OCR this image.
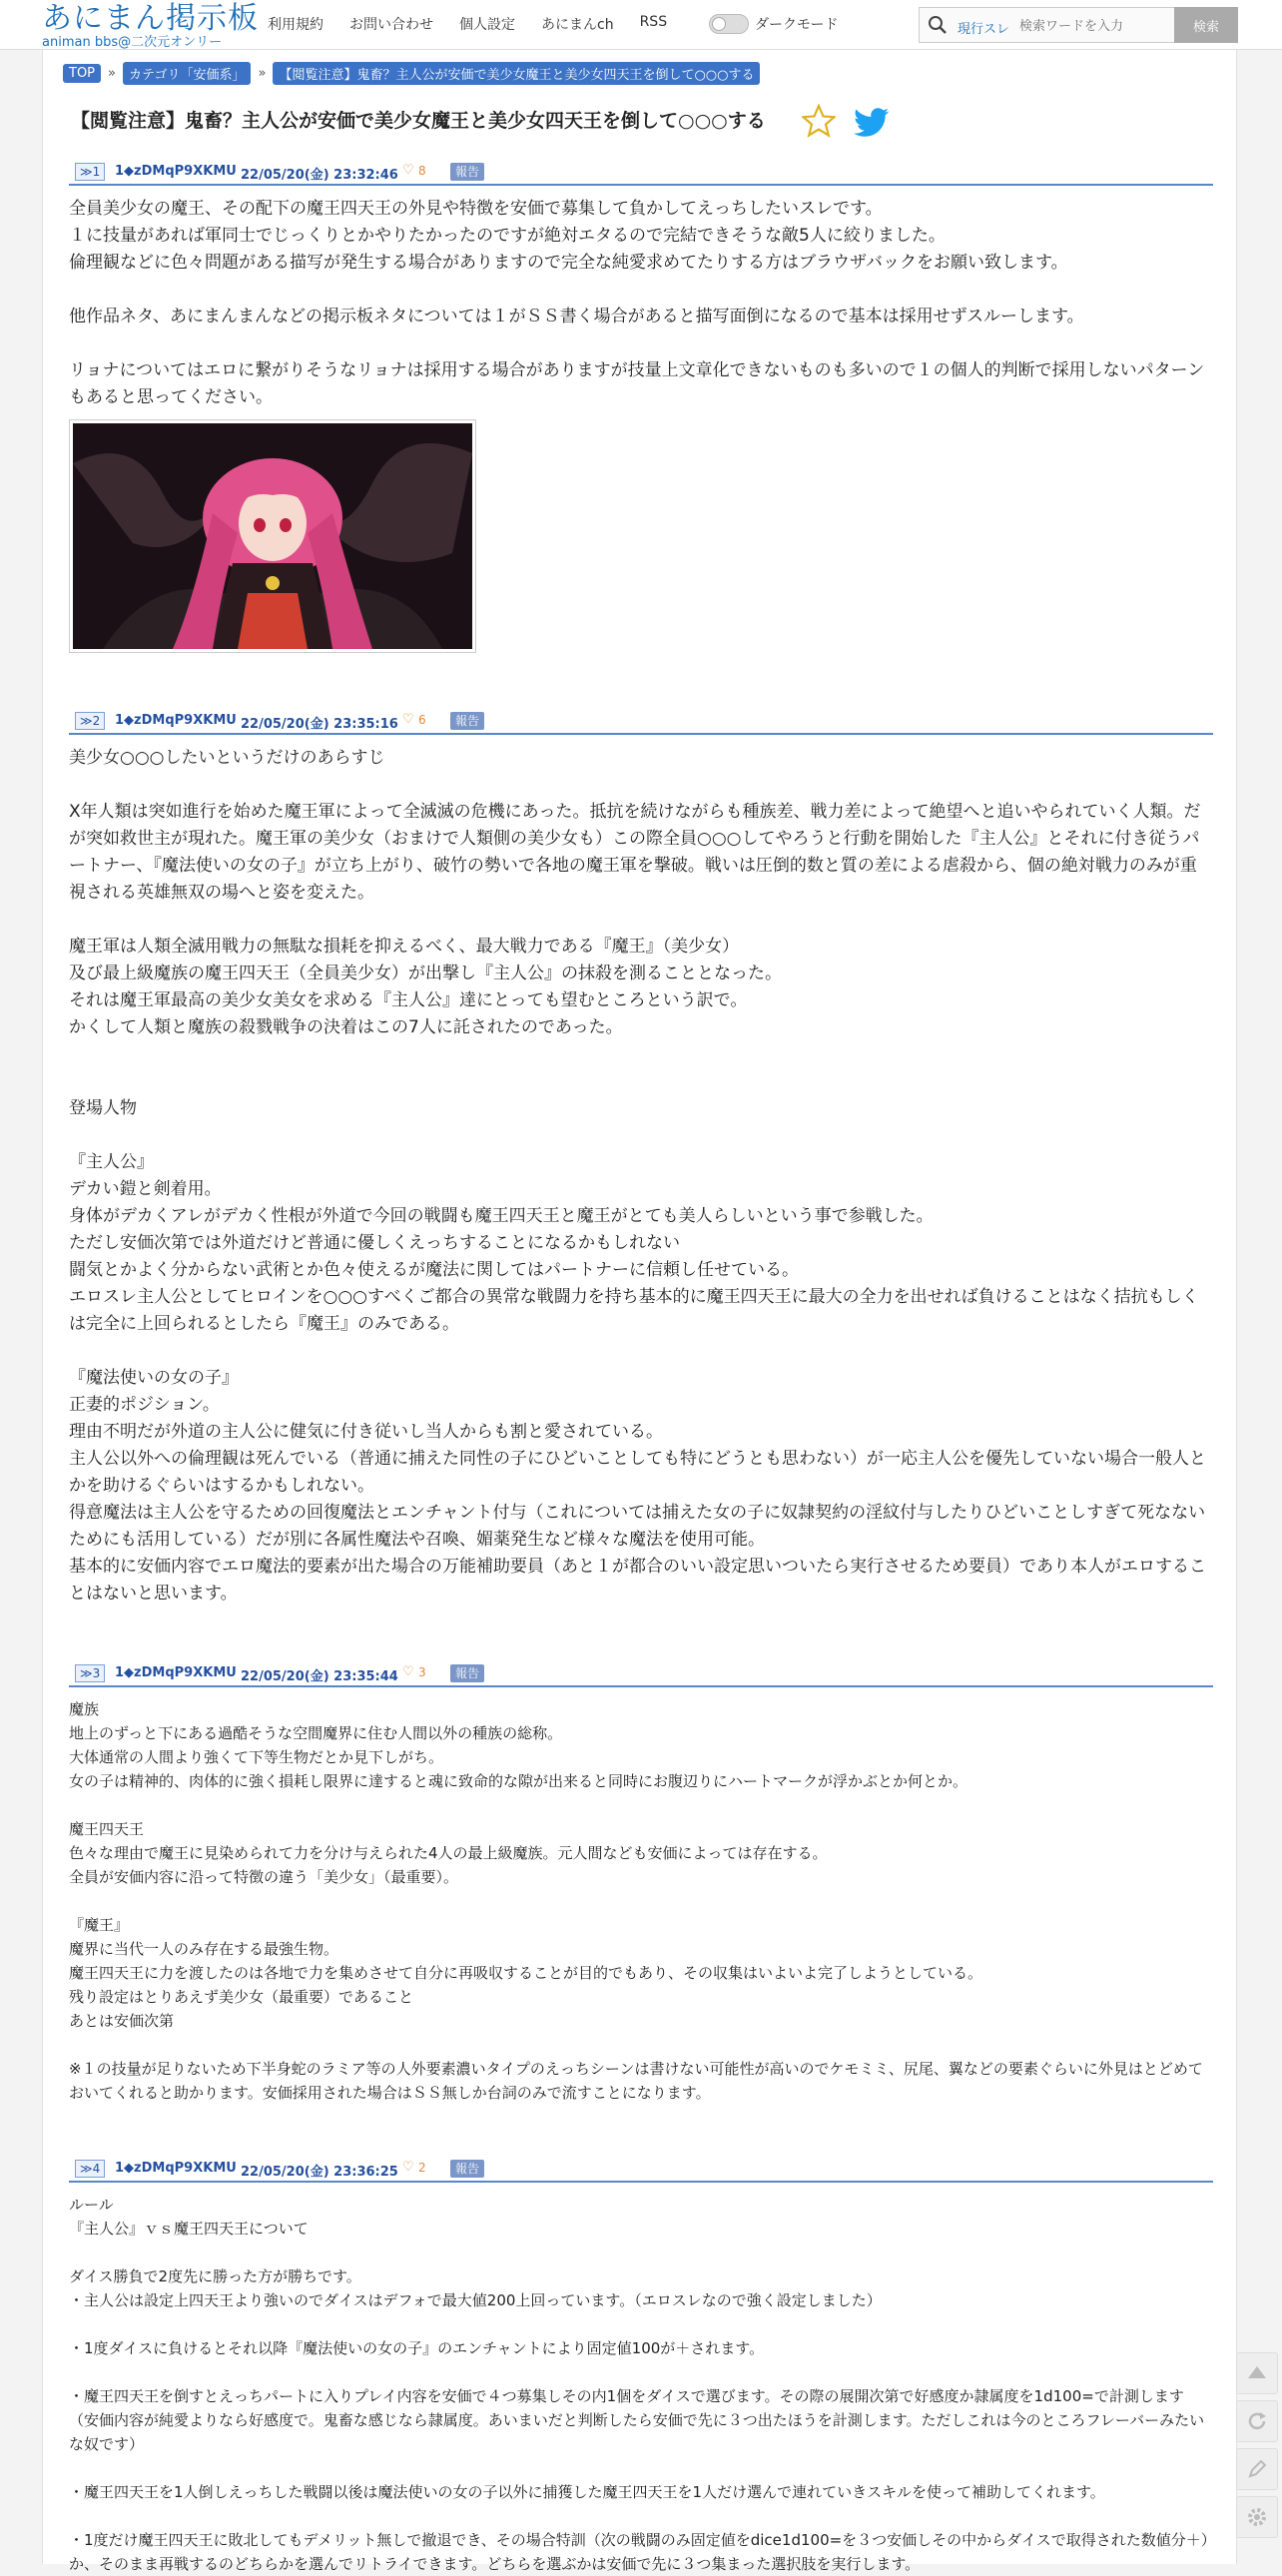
あにまん掲示板
animan bbs@二次元オンリー
利用規約 お問い合わせ 個人設定 あにまんch RSS	ダークモード	現行スレ
検索ワードを入力	検索
TOP	»	カテゴリ「安価系」	»	【閲覧注意】鬼畜？主人公が安価で美少女魔王と美少女四天王を倒して○○○する
【閲覧注意】鬼畜？主人公が安価で美少女魔王と美少女四天王を倒して○○○する
≫1	1◆zDMqP9XKMU 22/05/20(金) 23:32:46 ♡ 8	報告
全員美少女の魔王、その配下の魔王四天王の外見や特徴を安価で募集して負かしてえっちしたいスレです。
１に技量があれば軍同士でじっくりとかやりたかったのですが絶対エタるので完結できそうな敵5人に絞りました。
倫理観などに色々問題がある描写が発生する場合がありますので完全な純愛求めてたりする方はブラウザバックをお願い致します。

他作品ネタ、あにまんまんなどの掲示板ネタについては１がＳＳ書く場合があると描写面倒になるので基本は採用せずスルーします。

リョナについてはエロに繋がりそうなリョナは採用する場合がありますが技量上文章化できないものも多いので１の個人的判断で採用しないパターンもあると思ってください。
≫2	1◆zDMqP9XKMU 22/05/20(金) 23:35:16 ♡ 6	報告
美少女○○○したいというだけのあらすじ

X年人類は突如進行を始めた魔王軍によって全滅滅の危機にあった。抵抗を続けながらも種族差、戦力差によって絶望へと追いやられていく人類。だが突如救世主が現れた。魔王軍の美少女（おまけで人類側の美少女も）この際全員○○○してやろうと行動を開始した『主人公』とそれに付き従うパートナー、『魔法使いの女の子』が立ち上がり、破竹の勢いで各地の魔王軍を撃破。戦いは圧倒的数と質の差による虐殺から、個の絶対戦力のみが重視される英雄無双の場へと姿を変えた。

魔王軍は人類全滅用戦力の無駄な損耗を抑えるべく、最大戦力である『魔王』（美少女）
及び最上級魔族の魔王四天王（全員美少女）が出撃し『主人公』の抹殺を測ることとなった。
それは魔王軍最高の美少女美女を求める『主人公』達にとっても望むところという訳で。
かくして人類と魔族の殺戮戦争の決着はこの7人に託されたのであった。

登場人物

『主人公』
デカい鎧と剣着用。
身体がデカくアレがデカく性根が外道で今回の戦闘も魔王四天王と魔王がとても美人らしいという事で参戦した。
ただし安価次第では外道だけど普通に優しくえっちすることになるかもしれない
闘気とかよく分からない武術とか色々使えるが魔法に関してはパートナーに信頼し任せている。
エロスレ主人公としてヒロインを○○○すべくご都合の異常な戦闘力を持ち基本的に魔王四天王に最大の全力を出せれば負けることはなく拮抗もしくは完全に上回られるとしたら『魔王』のみである。

『魔法使いの女の子』
正妻的ポジション。
理由不明だが外道の主人公に健気に付き従いし当人からも割と愛されている。
主人公以外への倫理観は死んでいる（普通に捕えた同性の子にひどいことしても特にどうとも思わない）が一応主人公を優先していない場合一般人とかを助けるぐらいはするかもしれない。
得意魔法は主人公を守るための回復魔法とエンチャント付与（これについては捕えた女の子に奴隷契約の淫紋付与したりひどいことしすぎて死なないためにも活用している）だが別に各属性魔法や召喚、媚薬発生など様々な魔法を使用可能。
基本的に安価内容でエロ魔法的要素が出た場合の万能補助要員（あと１が都合のいい設定思いついたら実行させるため要員）であり本人がエロすることはないと思います。
≫3	1◆zDMqP9XKMU 22/05/20(金) 23:35:44 ♡ 3	報告
魔族
地上のずっと下にある過酷そうな空間魔界に住む人間以外の種族の総称。
大体通常の人間より強くて下等生物だとか見下しがち。
女の子は精神的、肉体的に強く損耗し限界に達すると魂に致命的な隙が出来ると同時にお腹辺りにハートマークが浮かぶとか何とか。

魔王四天王
色々な理由で魔王に見染められて力を分け与えられた4人の最上級魔族。元人間なども安価によっては存在する。
全員が安価内容に沿って特徴の違う「美少女」（最重要）。

『魔王』
魔界に当代一人のみ存在する最強生物。
魔王四天王に力を渡したのは各地で力を集めさせて自分に再吸収することが目的でもあり、その収集はいよいよ完了しようとしている。
残り設定はとりあえず美少女（最重要）であること
あとは安価次第

※１の技量が足りないため下半身蛇のラミア等の人外要素濃いタイプのえっちシーンは書けない可能性が高いのでケモミミ、尻尾、翼などの要素ぐらいに外見はとどめておいてくれると助かります。安価採用された場合はＳＳ無しか台詞のみで流すことになります。
≫4	1◆zDMqP9XKMU 22/05/20(金) 23:36:25 ♡ 2	報告
ルール
『主人公』ｖｓ魔王四天王について

ダイス勝負で2度先に勝った方が勝ちです。
・主人公は設定上四天王より強いのでダイスはデフォで最大値200上回っています。（エロスレなので強く設定しました）

・1度ダイスに負けるとそれ以降『魔法使いの女の子』のエンチャントにより固定値100が＋されます。

・魔王四天王を倒すとえっちパートに入りプレイ内容を安価で４つ募集しその内1個をダイスで選びます。その際の展開次第で好感度か隷属度を1d100=で計測します（安価内容が純愛よりなら好感度で。鬼畜な感じなら隷属度。あいまいだと判断したら安価で先に３つ出たほうを計測します。ただしこれは今のところフレーバーみたいな奴です）

・魔王四天王を1人倒しえっちした戦闘以後は魔法使いの女の子以外に捕獲した魔王四天王を1人だけ選んで連れていきスキルを使って補助してくれます。

・1度だけ魔王四天王に敗北してもデメリット無しで撤退でき、その場合特訓（次の戦闘のみ固定値をdice1d100=を３つ安価しその中からダイスで取得された数値分＋）か、そのまま再戦するのどちらかを選んでリトライできます。どちらを選ぶかは安価で先に３つ集まった選択肢を実行します。
